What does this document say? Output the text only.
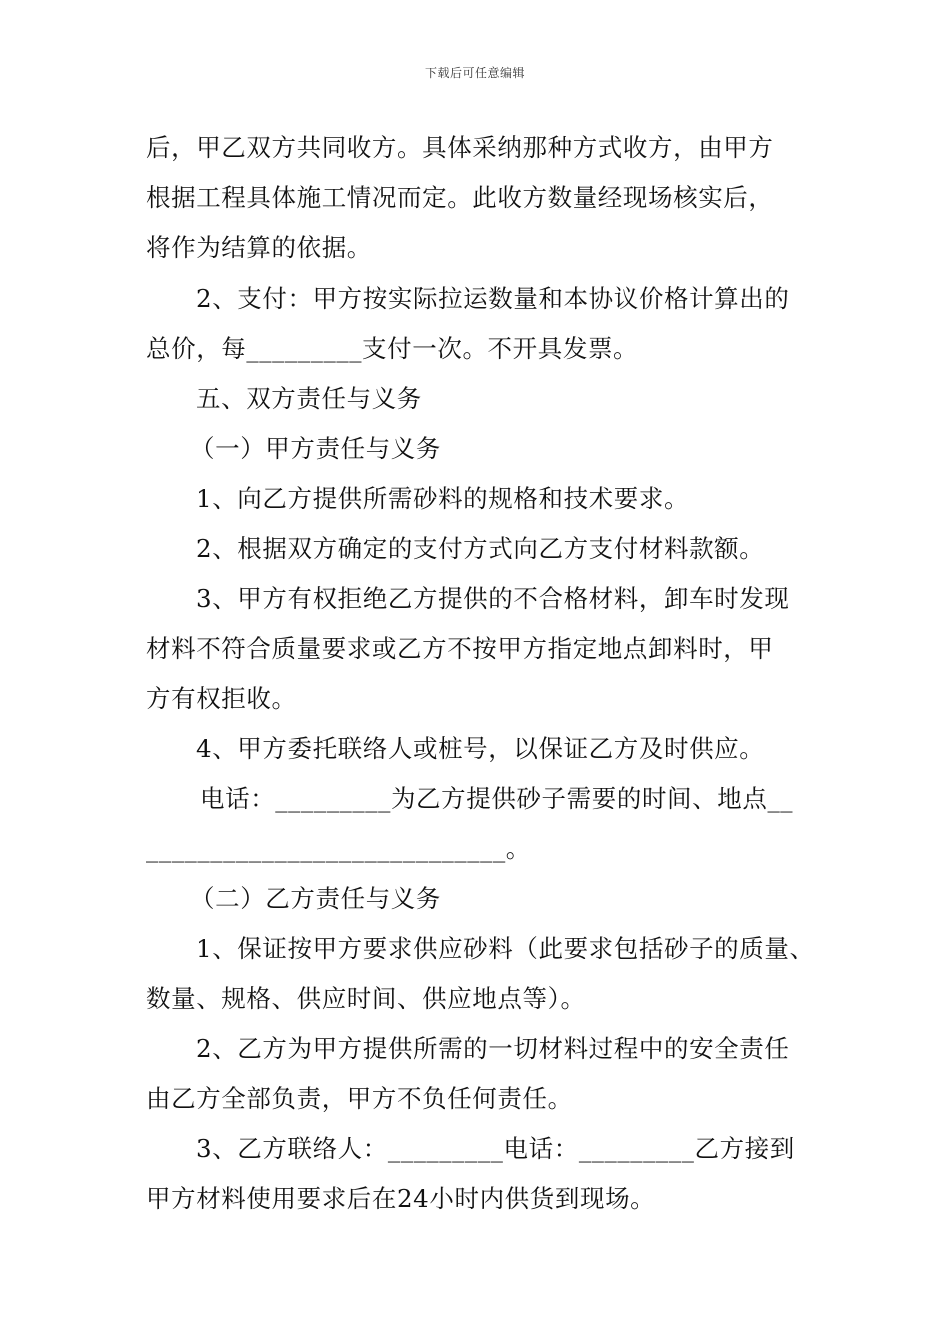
下载后可任意编辑
后，甲乙双方共同收方。具体采纳那种方式收方，由甲方
根据工程具体施工情况而定。此收方数量经现场核实后，
将作为结算的依据。
2、支付：甲方按实际拉运数量和本协议价格计算出的
总价，每_________支付一次。不开具发票。
五、双方责任与义务
（一）甲方责任与义务
1、向乙方提供所需砂料的规格和技术要求。
2、根据双方确定的支付方式向乙方支付材料款额。
3、甲方有权拒绝乙方提供的不合格材料，卸车时发现
材料不符合质量要求或乙方不按甲方指定地点卸料时，甲
方有权拒收。
4、甲方委托联络人或桩号，以保证乙方及时供应。
电话：_________为乙方提供砂子需要的时间、地点__
____________________________。
（二）乙方责任与义务
1、保证按甲方要求供应砂料（此要求包括砂子的质量、
数量、规格、供应时间、供应地点等）。
2、乙方为甲方提供所需的一切材料过程中的安全责任
由乙方全部负责，甲方不负任何责任。
3、乙方联络人：_________电话：_________乙方接到
甲方材料使用要求后在24小时内供货到现场。
